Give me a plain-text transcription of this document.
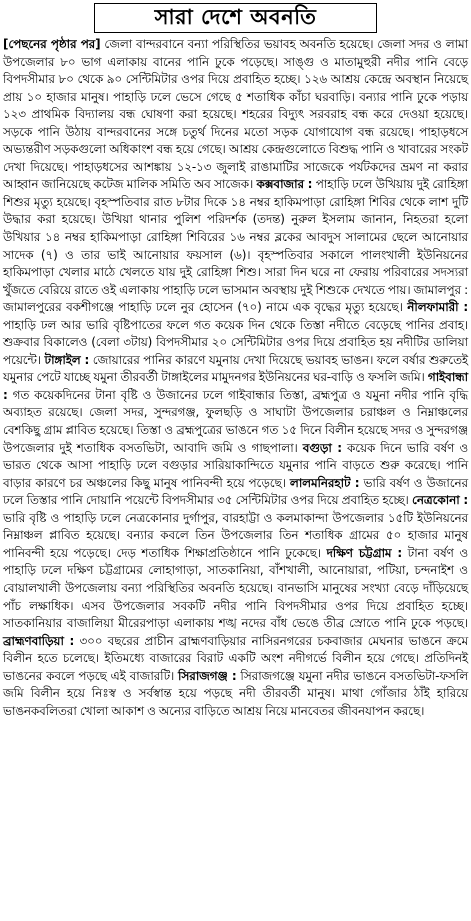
সারা দেশে অবনতি

[পেছনের পৃষ্ঠার পর] জেলা বান্দরবানে বন্যা পরিস্থিতির ভয়াবহ অবনতি হয়েছে। জেলা সদর ও লামা উপজেলার ৮০ ভাগ এলাকায় বানের পানি ঢুকে পড়েছে। সাঙ্গু ও মাতামুহুরী নদীর পানি বেড়ে বিপদসীমার ৮০ থেকে ৯০ সেন্টিমিটার ওপর দিয়ে প্রবাহিত হচ্ছে। ১২৬ আশ্রয় কেন্দ্রে অবস্থান নিয়েছে প্রায় ১০ হাজার মানুষ। পাহাড়ি ঢলে ভেসে গেছে ৫ শতাধিক কাঁচা ঘরবাড়ি। বন্যার পানি ঢুকে পড়ায় ১২৩ প্রাথমিক বিদ্যালয় বন্ধ ঘোষণা করা হয়েছে। শহরের বিদ্যুৎ সরবরাহ বন্ধ করে দেওয়া হয়েছে। সড়কে পানি উঠায় বান্দরবানের সঙ্গে চতুর্থ দিনের মতো সড়ক যোগাযোগ বন্ধ রয়েছে। পাহাড়ধসে অভ্যন্তরীণ সড়কগুলো অধিকাংশ বন্ধ হয়ে গেছে। আশ্রয় কেন্দ্রগুলোতে বিশুদ্ধ পানি ও খাবারের সংকট দেখা দিয়েছে। পাহাড়ধসের আশঙ্কায় ১২-১৩ জুলাই রাঙামাটির সাজেকে পর্যটকদের ভ্রমণ না করার আহ্বান জানিয়েছে কটেজ মালিক সমিতি অব সাজেক। কক্সবাজার : পাহাড়ি ঢলে উখিয়ায় দুই রোহিঙ্গা শিশুর মৃত্যু হয়েছে। বৃহস্পতিবার রাত ৮টার দিকে ১৪ নম্বর হাকিমপাড়া রোহিঙ্গা শিবির থেকে লাশ দুটি উদ্ধার করা হয়েছে। উখিয়া থানার পুলিশ পরিদর্শক (তদন্ত) নুরুল ইসলাম জানান, নিহতরা হলো উখিয়ার ১৪ নম্বর হাকিমপাড়া রোহিঙ্গা শিবিরের ১৬ নম্বর ব্লকের আবদুস সালামের ছেলে আনোয়ার সাদেক (৭) ও তার ভাই আনোয়ার ফয়সাল (৬)। বৃহস্পতিবার সকালে পালংখালী ইউনিয়নের হাকিমপাড়া খেলার মাঠে খেলতে যায় দুই রোহিঙ্গা শিশু। সারা দিন ঘরে না ফেরায় পরিবারের সদস্যরা খুঁজতে বেরিয়ে রাতে ওই এলাকায় পাহাড়ি ঢলে ভাসমান অবস্থায় দুই শিশুকে দেখতে পায়। জামালপুর : জামালপুরের বকশীগঞ্জে পাহাড়ি ঢলে নুর হোসেন (৭০) নামে এক বৃদ্ধের মৃত্যু হয়েছে। নীলফামারী : পাহাড়ি ঢল আর ভারি বৃষ্টিপাতের ফলে গত কয়েক দিন থেকে তিস্তা নদীতে বেড়েছে পানির প্রবাহ। শুক্রবার বিকালেও (বেলা ৩টায়) বিপদসীমার ২০ সেন্টিমিটার ওপর দিয়ে প্রবাহিত হয় নদীটির ডালিয়া পয়েন্টে। টাঙ্গাইল : জোয়ারের পানির কারণে যমুনায় দেখা দিয়েছে ভয়াবহ ভাঙন। ফলে বর্ষার শুরুতেই যমুনার পেটে যাচ্ছে যমুনা তীরবর্তী টাঙ্গাইলের মামুদনগর ইউনিয়নের ঘর-বাড়ি ও ফসলি জমি। গাইবান্ধা : গত কয়েকদিনের টানা বৃষ্টি ও উজানের ঢলে গাইবান্ধার তিস্তা, ব্রহ্মপুত্র ও যমুনা নদীর পানি বৃদ্ধি অব্যাহত রয়েছে। জেলা সদর, সুন্দরগঞ্জ, ফুলছড়ি ও সাঘাটা উপজেলার চরাঞ্চল ও নিম্নাঞ্চলের বেশকিছু গ্রাম প্লাবিত হয়েছে। তিস্তা ও ব্রহ্মপুত্রের ভাঙনে গত ১৫ দিনে বিলীন হয়েছে সদর ও সুন্দরগঞ্জ উপজেলার দুই শতাধিক বসতভিটা, আবাদি জমি ও গাছপালা। বগুড়া : কয়েক দিনে ভারি বর্ষণ ও ভারত থেকে আসা পাহাড়ি ঢলে বগুড়ার সারিয়াকান্দিতে যমুনার পানি বাড়তে শুরু করেছে। পানি বাড়ার কারণে চর অঞ্চলের কিছু মানুষ পানিবন্দী হয়ে পড়েছে। লালমনিরহাট : ভারি বর্ষণ ও উজানের ঢলে তিস্তার পানি দোয়ানি পয়েন্টে বিপদসীমার ৩৫ সেন্টিমিটার ওপর দিয়ে প্রবাহিত হচ্ছে। নেত্রকোনা : ভারি বৃষ্টি ও পাহাড়ি ঢলে নেত্রকোনার দুর্গাপুর, বারহাট্টা ও কলমাকান্দা উপজেলার ১৫টি ইউনিয়নের নিম্নাঞ্চল প্লাবিত হয়েছে। বন্যার কবলে তিন উপজেলার তিন শতাধিক গ্রামের ৫০ হাজার মানুষ পানিবন্দী হয়ে পড়েছে। দেড় শতাধিক শিক্ষাপ্রতিষ্ঠানে পানি ঢুকেছে। দক্ষিণ চট্টগ্রাম : টানা বর্ষণ ও পাহাড়ি ঢলে দক্ষিণ চট্টগ্রামের লোহাগাড়া, সাতকানিয়া, বাঁশখালী, আনোয়ারা, পটিয়া, চন্দনাইশ ও বোয়ালখালী উপজেলায় বন্যা পরিস্থিতির অবনতি হয়েছে। বানভাসি মানুষের সংখ্যা বেড়ে দাঁড়িয়েছে পাঁচ লক্ষাধিক। এসব উপজেলার সবকটি নদীর পানি বিপদসীমার ওপর দিয়ে প্রবাহিত হচ্ছে। সাতকানিয়ার বাজালিয়া মীরেরপাড়া এলাকায় শঙ্খ নদের বাঁধ ভেঙে তীব্র স্রোতে পানি ঢুকে পড়ছে। ব্রাহ্মণবাড়িয়া : ৩০০ বছরের প্রাচীন ব্রাহ্মণবাড়িয়ার নাসিরনগরের চকবাজার মেঘনার ভাঙনে ক্রমে বিলীন হতে চলেছে। ইতিমধ্যে বাজারের বিরাট একটি অংশ নদীগর্ভে বিলীন হয়ে গেছে। প্রতিদিনই ভাঙনের কবলে পড়ছে এই বাজারটি। সিরাজগঞ্জ : সিরাজগঞ্জে যমুনা নদীর ভাঙনে বসতভিটা-ফসলি জমি বিলীন হয়ে নিঃস্ব ও সর্বস্বান্ত হয়ে পড়ছে নদী তীরবর্তী মানুষ। মাথা গোঁজার ঠাঁই হারিয়ে ভাঙনকবলিতরা খোলা আকাশ ও অন্যের বাড়িতে আশ্রয় নিয়ে মানবেতর জীবনযাপন করছে।
